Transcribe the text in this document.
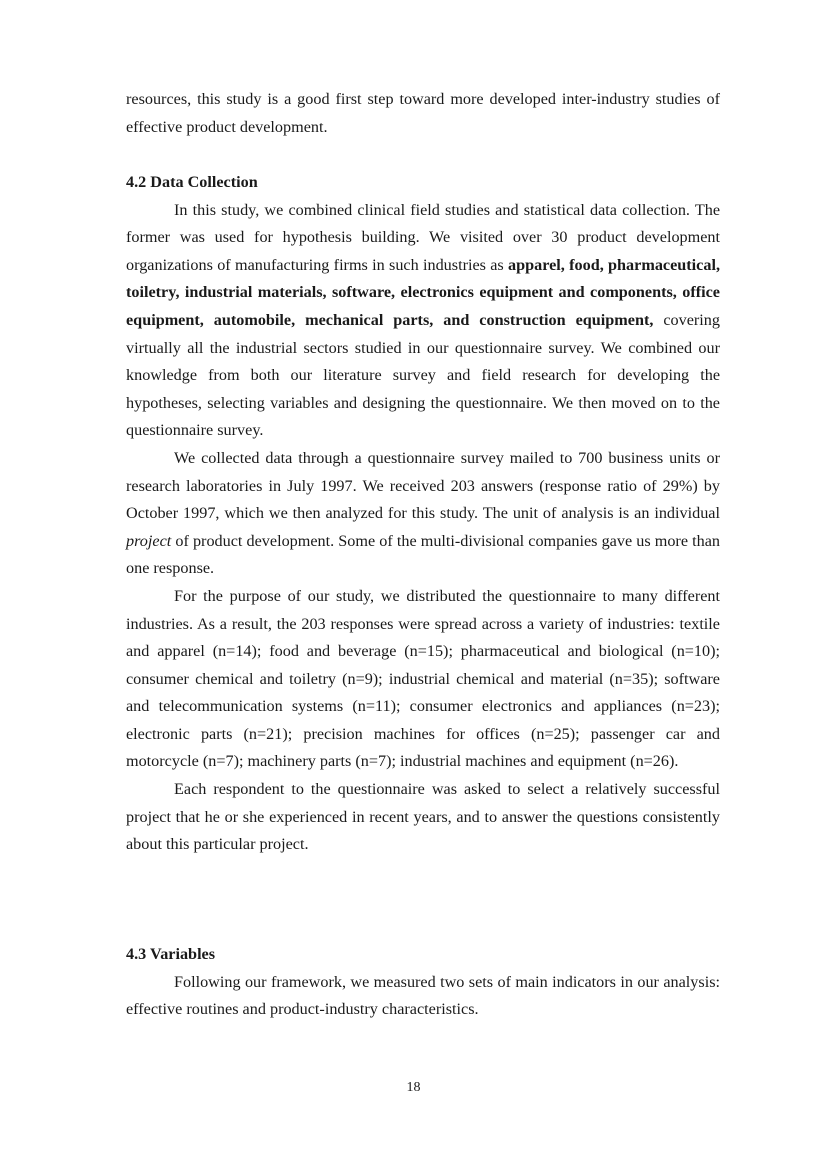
resources, this study is a good first step toward more developed inter-industry studies of effective product development.

4.2 Data Collection

In this study, we combined clinical field studies and statistical data collection. The former was used for hypothesis building. We visited over 30 product development organizations of manufacturing firms in such industries as apparel, food, pharmaceutical, toiletry, industrial materials, software, electronics equipment and components, office equipment, automobile, mechanical parts, and construction equipment, covering virtually all the industrial sectors studied in our questionnaire survey. We combined our knowledge from both our literature survey and field research for developing the hypotheses, selecting variables and designing the questionnaire. We then moved on to the questionnaire survey.

We collected data through a questionnaire survey mailed to 700 business units or research laboratories in July 1997. We received 203 answers (response ratio of 29%) by October 1997, which we then analyzed for this study. The unit of analysis is an individual project of product development. Some of the multi-divisional companies gave us more than one response.

For the purpose of our study, we distributed the questionnaire to many different industries. As a result, the 203 responses were spread across a variety of industries: textile and apparel (n=14); food and beverage (n=15); pharmaceutical and biological (n=10); consumer chemical and toiletry (n=9); industrial chemical and material (n=35); software and telecommunication systems (n=11); consumer electronics and appliances (n=23); electronic parts (n=21); precision machines for offices (n=25); passenger car and motorcycle (n=7); machinery parts (n=7); industrial machines and equipment (n=26).

Each respondent to the questionnaire was asked to select a relatively successful project that he or she experienced in recent years, and to answer the questions consistently about this particular project.

4.3 Variables

Following our framework, we measured two sets of main indicators in our analysis: effective routines and product-industry characteristics.

18
